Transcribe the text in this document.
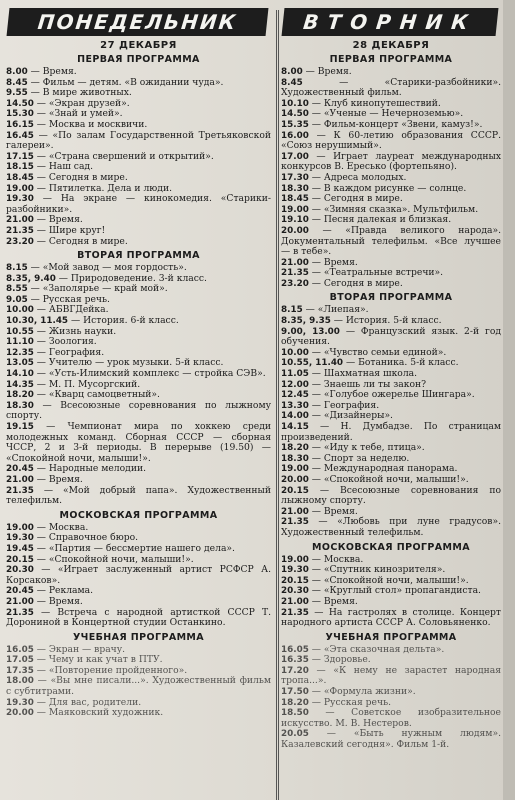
ПОНЕДЕЛЬНИК
27 ДЕКАБРЯ
ПЕРВАЯ ПРОГРАММА
8.00 — Время.
8.45 — Фильм — детям. «В ожидании чуда».
9.55 — В мире животных.
14.50 — «Экран друзей».
15.30 — «Знай и умей».
16.15 — Москва и москвичи.
16.45 — «По залам Государственной Третьяковской галереи».
17.15 — «Страна свершений и открытий».
18.15 — Наш сад.
18.45 — Сегодня в мире.
19.00 — Пятилетка. Дела и люди.
19.30 — На экране — кинокомедия. «Старики-разбойники».
21.00 — Время.
21.35 — Шире круг!
23.20 — Сегодня в мире.
ВТОРАЯ ПРОГРАММА
8.15 — «Мой завод — моя гордость».
8.35, 9.40 — Природоведение. 3-й класс.
8.55 — «Заполярье — край мой».
9.05 — Русская речь.
10.00 — АБВГДейка.
10.30, 11.45 — История. 6-й класс.
10.55 — Жизнь науки.
11.10 — Зоология.
12.35 — География.
13.05 — Учителю — урок музыки. 5-й класс.
14.10 — «Усть-Илимский комплекс — стройка СЭВ».
14.35 — М. П. Мусоргский.
18.20 — «Кварц самоцветный».
18.30 — Всесоюзные соревнования по лыжному спорту.
19.15 — Чемпионат мира по хоккею среди молодежных команд. Сборная СССР — сборная ЧССР, 2 и 3-й периоды. В перерыве (19.50) — «Спокойной ночи, малыши!».
20.45 — Народные мелодии.
21.00 — Время.
21.35 — «Мой добрый папа». Художественный телефильм.
МОСКОВСКАЯ ПРОГРАММА
19.00 — Москва.
19.30 — Справочное бюро.
19.45 — «Партия — бессмертие нашего дела».
20.15 — «Спокойной ночи, малыши!».
20.30 — «Играет заслуженный артист РСФСР А. Корсаков».
20.45 — Реклама.
21.00 — Время.
21.35 — Встреча с народной артисткой СССР Т. Дорониной в Концертной студии Останкино.
УЧЕБНАЯ ПРОГРАММА
16.05 — Экран — врачу.
17.05 — Чему и как учат в ПТУ.
17.35 — «Повторение пройденного».
18.00 — «Вы мне писали...». Художественный фильм с субтитрами.
19.30 — Для вас, родители.
20.00 — Маяковский художник.
ВТОРНИК
28 ДЕКАБРЯ
ПЕРВАЯ ПРОГРАММА
8.00 — Время.
8.45	— «Старики-разбойники». Художественный фильм.
10.10 — Клуб кинопутешествий.
14.50 — «Ученые — Нечерноземью».
15.35 — Фильм-концерт «Звени, камуз!».
16.00 — К 60-летию образования СССР. «Союз нерушимый».
17.00 — Играет лауреат международных конкурсов В. Ересько (фортепьяно).
17.30 — Адреса молодых.
18.30 — В каждом рисунке — солнце.
18.45 — Сегодня в мире.
19.00 — «Зимняя сказка». Мультфильм.
19.10 — Песня далекая и близкая.
20.00 — «Правда великого народа». Документальный телефильм. «Все лучшее — в тебе».
21.00 — Время.
21.35 — «Театральные встречи».
23.20 — Сегодня в мире.
ВТОРАЯ ПРОГРАММА
8.15 — «Лиепая».
8.35, 9.35 — История. 5-й класс.
9.00, 13.00 — Французский язык. 2-й год обучения.
10.00 — «Чувство семьи единой».
10.55, 11.40 — Ботаника. 5-й класс.
11.05 — Шахматная школа.
12.00 — Знаешь ли ты закон?
12.45 — «Голубое ожерелье Шингара».
13.30 — География.
14.00 — «Дизайнеры».
14.15 — Н. Думбадзе. По страницам произведений.
18.20 — «Иду к тебе, птица».
18.30 — Спорт за неделю.
19.00 — Международная панорама.
20.00 — «Спокойной ночи, малыши!».
20.15 — Всесоюзные соревнования по лыжному спорту.
21.00 — Время.
21.35 — «Любовь при луне градусов». Художественный телефильм.
МОСКОВСКАЯ ПРОГРАММА
19.00 — Москва.
19.30 — «Спутник кинозрителя».
20.15 — «Спокойной ночи, малыши!».
20.30 — «Круглый стол» пропагандиста.
21.00 — Время.
21.35 — На гастролях в столице. Концерт народного артиста СССР А. Соловьяненко.
УЧЕБНАЯ ПРОГРАММА
16.05 — «Эта сказочная дельта».
16.35 — Здоровье.
17.20 — «К нему не зарастет народная тропа...».
17.50 — «Формула жизни».
18.20 — Русская речь.
18.50 — Советское изобразительное искусство. М. В. Нестеров.
20.05 — «Быть нужным людям». Казалевский сегодня». Фильм 1-й.
